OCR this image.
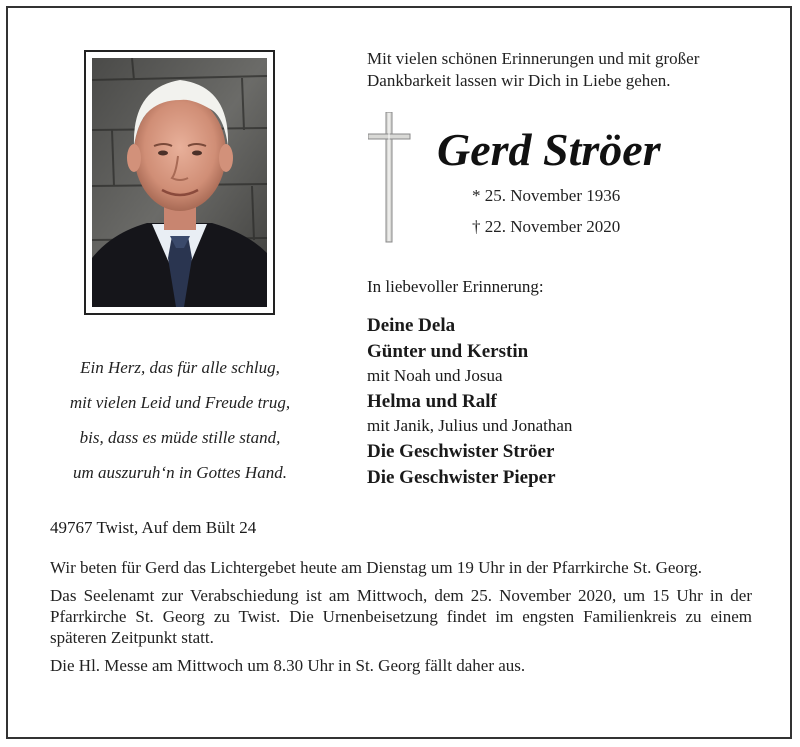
Ein Herz, das für alle schlug,
mit vielen Leid und Freude trug,
bis, dass es müde stille stand,
um auszuruh‘n in Gottes Hand.
Mit vielen schönen Erinnerungen und mit großer
Dankbarkeit lassen wir Dich in Liebe gehen.
Gerd Ströer
* 25. November 1936
† 22. November 2020
In liebevoller Erinnerung:
Deine Dela
Günter und Kerstin
mit Noah und Josua
Helma und Ralf
mit Janik, Julius und Jonathan
Die Geschwister Ströer
Die Geschwister Pieper
49767 Twist, Auf dem Bült 24

Wir beten für Gerd das Lichtergebet heute am Dienstag um 19 Uhr in der Pfarrkirche St. Georg.

Das Seelenamt zur Verabschiedung ist am Mittwoch, dem 25. November 2020, um 15 Uhr in der Pfarrkirche St. Georg zu Twist. Die Urnenbeisetzung findet im engsten Familienkreis zu einem späteren Zeitpunkt statt.

Die Hl. Messe am Mittwoch um 8.30 Uhr in St. Georg fällt daher aus.
